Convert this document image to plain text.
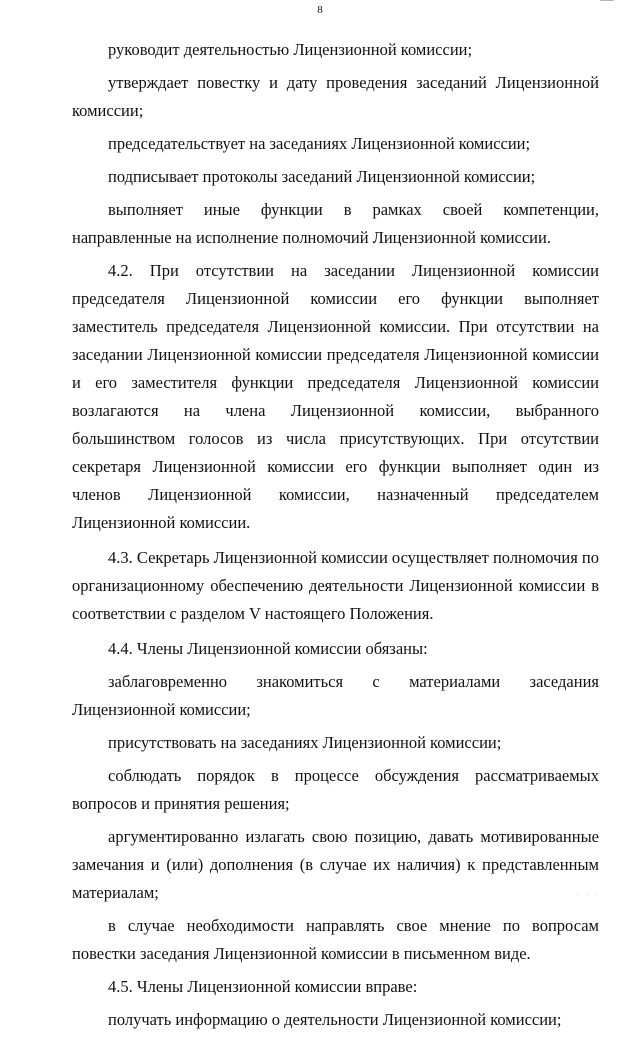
8

руководит деятельностью Лицензионной комиссии;

утверждает повестку и дату проведения заседаний Лицензионной комиссии;

председательствует на заседаниях Лицензионной комиссии;

подписывает протоколы заседаний Лицензионной комиссии;

выполняет иные функции в рамках своей компетенции, направленные на исполнение полномочий Лицензионной комиссии.

4.2. При отсутствии на заседании Лицензионной комиссии председателя Лицензионной комиссии его функции выполняет заместитель председателя Лицензионной комиссии. При отсутствии на заседании Лицензионной комиссии председателя Лицензионной комиссии и его заместителя функции председателя Лицензионной комиссии возлагаются на члена Лицензионной комиссии, выбранного большинством голосов из числа присутствующих. При отсутствии секретаря Лицензионной комиссии его функции выполняет один из членов Лицензионной комиссии, назначенный председателем Лицензионной комиссии.

4.3. Секретарь Лицензионной комиссии осуществляет полномочия по организационному обеспечению деятельности Лицензионной комиссии в соответствии с разделом V настоящего Положения.

4.4. Члены Лицензионной комиссии обязаны:

заблаговременно знакомиться с материалами заседания Лицензионной комиссии;

присутствовать на заседаниях Лицензионной комиссии;

соблюдать порядок в процессе обсуждения рассматриваемых вопросов и принятия решения;

аргументированно излагать свою позицию, давать мотивированные замечания и (или) дополнения (в случае их наличия) к представленным материалам;

в случае необходимости направлять свое мнение по вопросам повестки заседания Лицензионной комиссии в письменном виде.

4.5. Члены Лицензионной комиссии вправе:

получать информацию о деятельности Лицензионной комиссии;

· · ·
